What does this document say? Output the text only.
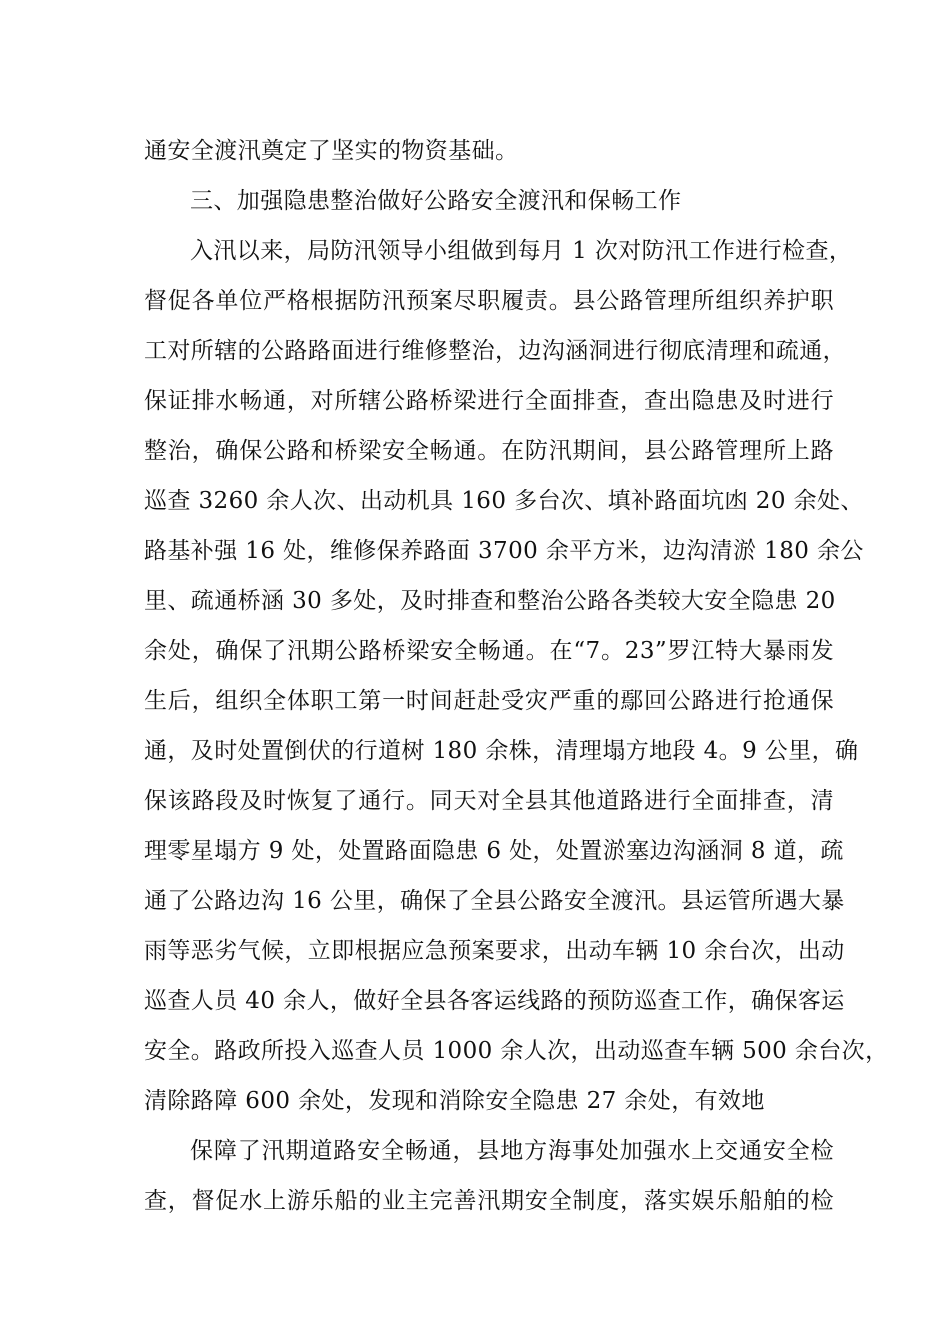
通安全渡汛奠定了坚实的物资基础。
三、加强隐患整治做好公路安全渡汛和保畅工作
入汛以来，局防汛领导小组做到每月 1 次对防汛工作进行检查，
督促各单位严格根据防汛预案尽职履责。县公路管理所组织养护职
工对所辖的公路路面进行维修整治，边沟涵洞进行彻底清理和疏通，
保证排水畅通，对所辖公路桥梁进行全面排查，查出隐患及时进行
整治，确保公路和桥梁安全畅通。在防汛期间，县公路管理所上路
巡查 3260 余人次、出动机具 160 多台次、填补路面坑凼 20 余处、
路基补强 16 处，维修保养路面 3700 余平方米，边沟清淤 180 余公
里、疏通桥涵 30 多处，及时排查和整治公路各类较大安全隐患 20
余处，确保了汛期公路桥梁安全畅通。在“7。23”罗江特大暴雨发
生后，组织全体职工第一时间赶赴受灾严重的鄢回公路进行抢通保
通，及时处置倒伏的行道树 180 余株，清理塌方地段 4。9 公里，确
保该路段及时恢复了通行。同天对全县其他道路进行全面排查，清
理零星塌方 9 处，处置路面隐患 6 处，处置淤塞边沟涵洞 8 道，疏
通了公路边沟 16 公里，确保了全县公路安全渡汛。县运管所遇大暴
雨等恶劣气候，立即根据应急预案要求，出动车辆 10 余台次，出动
巡查人员 40 余人，做好全县各客运线路的预防巡查工作，确保客运
安全。路政所投入巡查人员 1000 余人次，出动巡查车辆 500 余台次，
清除路障 600 余处，发现和消除安全隐患 27 余处，有效地
保障了汛期道路安全畅通，县地方海事处加强水上交通安全检
查，督促水上游乐船的业主完善汛期安全制度，落实娱乐船舶的检
